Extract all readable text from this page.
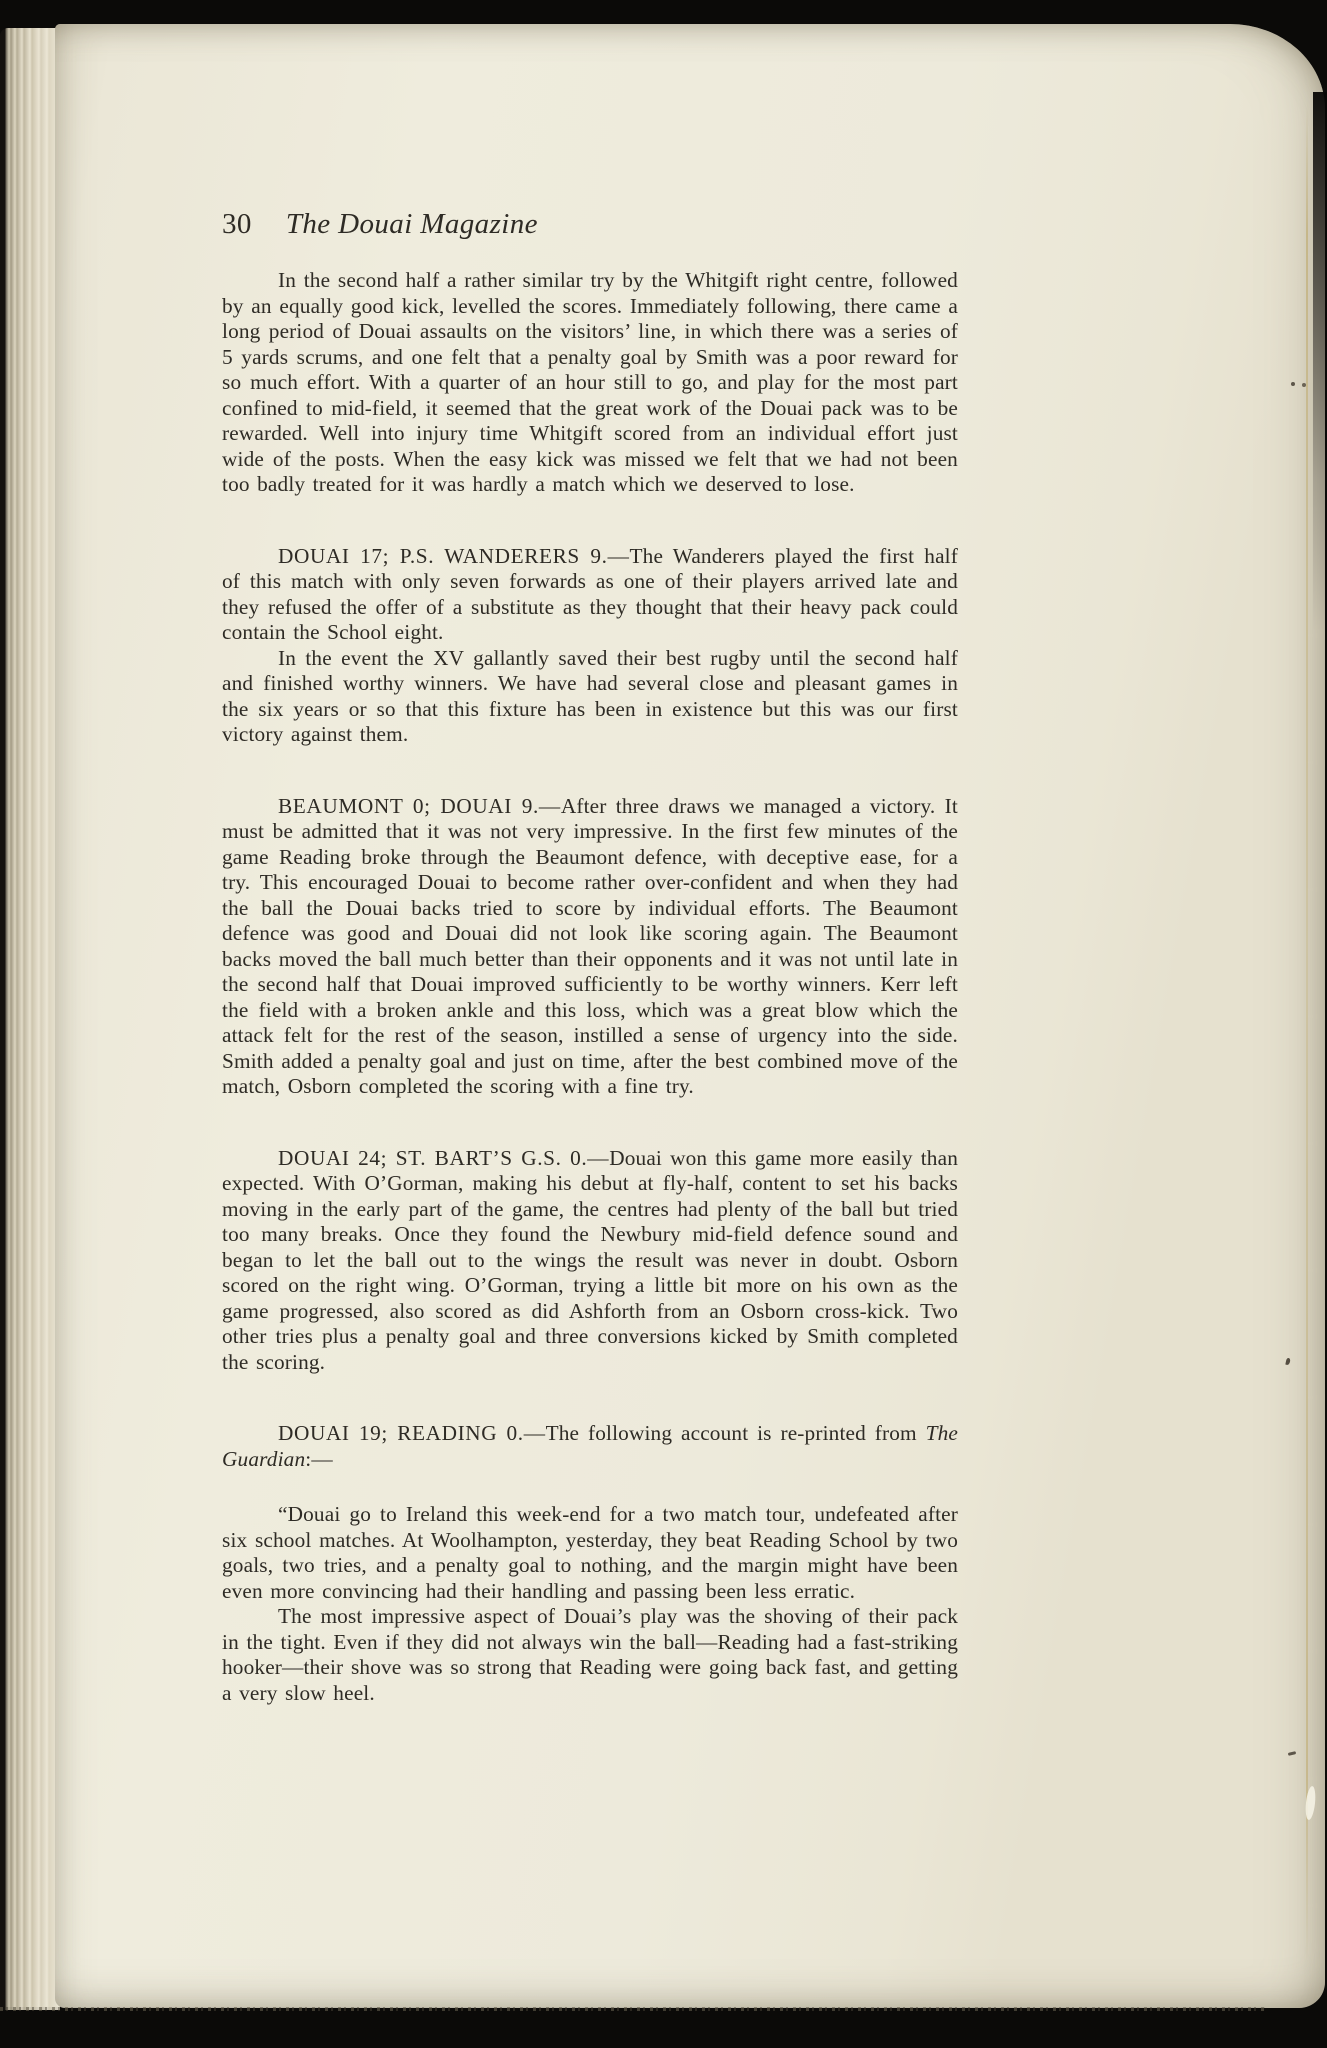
30 The Douai Magazine

In the second half a rather similar try by the Whitgift right centre, followed by an equally good kick, levelled the scores. Immediately following, there came a long period of Douai assaults on the visitors’ line, in which there was a series of 5 yards scrums, and one felt that a penalty goal by Smith was a poor reward for so much effort. With a quarter of an hour still to go, and play for the most part confined to mid-field, it seemed that the great work of the Douai pack was to be rewarded. Well into injury time Whitgift scored from an individual effort just wide of the posts. When the easy kick was missed we felt that we had not been too badly treated for it was hardly a match which we deserved to lose.

DOUAI 17; P.S. WANDERERS 9.—The Wanderers played the first half of this match with only seven forwards as one of their players arrived late and they refused the offer of a substitute as they thought that their heavy pack could contain the School eight.

In the event the XV gallantly saved their best rugby until the second half and finished worthy winners. We have had several close and pleasant games in the six years or so that this fixture has been in existence but this was our first victory against them.

BEAUMONT 0; DOUAI 9.—After three draws we managed a victory. It must be admitted that it was not very impressive. In the first few minutes of the game Reading broke through the Beaumont defence, with deceptive ease, for a try. This encouraged Douai to become rather over-confident and when they had the ball the Douai backs tried to score by individual efforts. The Beaumont defence was good and Douai did not look like scoring again. The Beaumont backs moved the ball much better than their opponents and it was not until late in the second half that Douai improved sufficiently to be worthy winners. Kerr left the field with a broken ankle and this loss, which was a great blow which the attack felt for the rest of the season, instilled a sense of urgency into the side. Smith added a penalty goal and just on time, after the best combined move of the match, Osborn completed the scoring with a fine try.

DOUAI 24; ST. BART’S G.S. 0.—Douai won this game more easily than expected. With O’Gorman, making his debut at fly-half, content to set his backs moving in the early part of the game, the centres had plenty of the ball but tried too many breaks. Once they found the Newbury mid-field defence sound and began to let the ball out to the wings the result was never in doubt. Osborn scored on the right wing. O’Gorman, trying a little bit more on his own as the game progressed, also scored as did Ashforth from an Osborn cross-kick. Two other tries plus a penalty goal and three conversions kicked by Smith completed the scoring.

DOUAI 19; READING 0.—The following account is re-printed from The Guardian:—

“Douai go to Ireland this week-end for a two match tour, undefeated after six school matches. At Woolhampton, yesterday, they beat Reading School by two goals, two tries, and a penalty goal to nothing, and the margin might have been even more convincing had their handling and passing been less erratic.

The most impressive aspect of Douai’s play was the shoving of their pack in the tight. Even if they did not always win the ball—Reading had a fast-striking hooker—their shove was so strong that Reading were going back fast, and getting a very slow heel.
